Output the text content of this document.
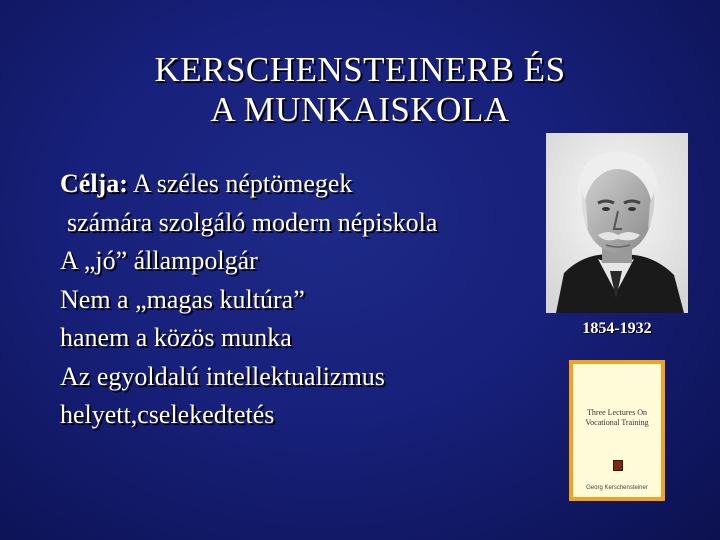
KERSCHENSTEINERB ÉS
A MUNKAISKOLA
Célja: A széles néptömegek
számára szolgáló modern népiskola
A „jó” állampolgár
Nem a „magas kultúra”
hanem a közös munka
Az egyoldalú intellektualizmus
helyett,cselekedtetés
1854-1932
Three Lectures On
Vocational Training
Georg Kerschensteiner
